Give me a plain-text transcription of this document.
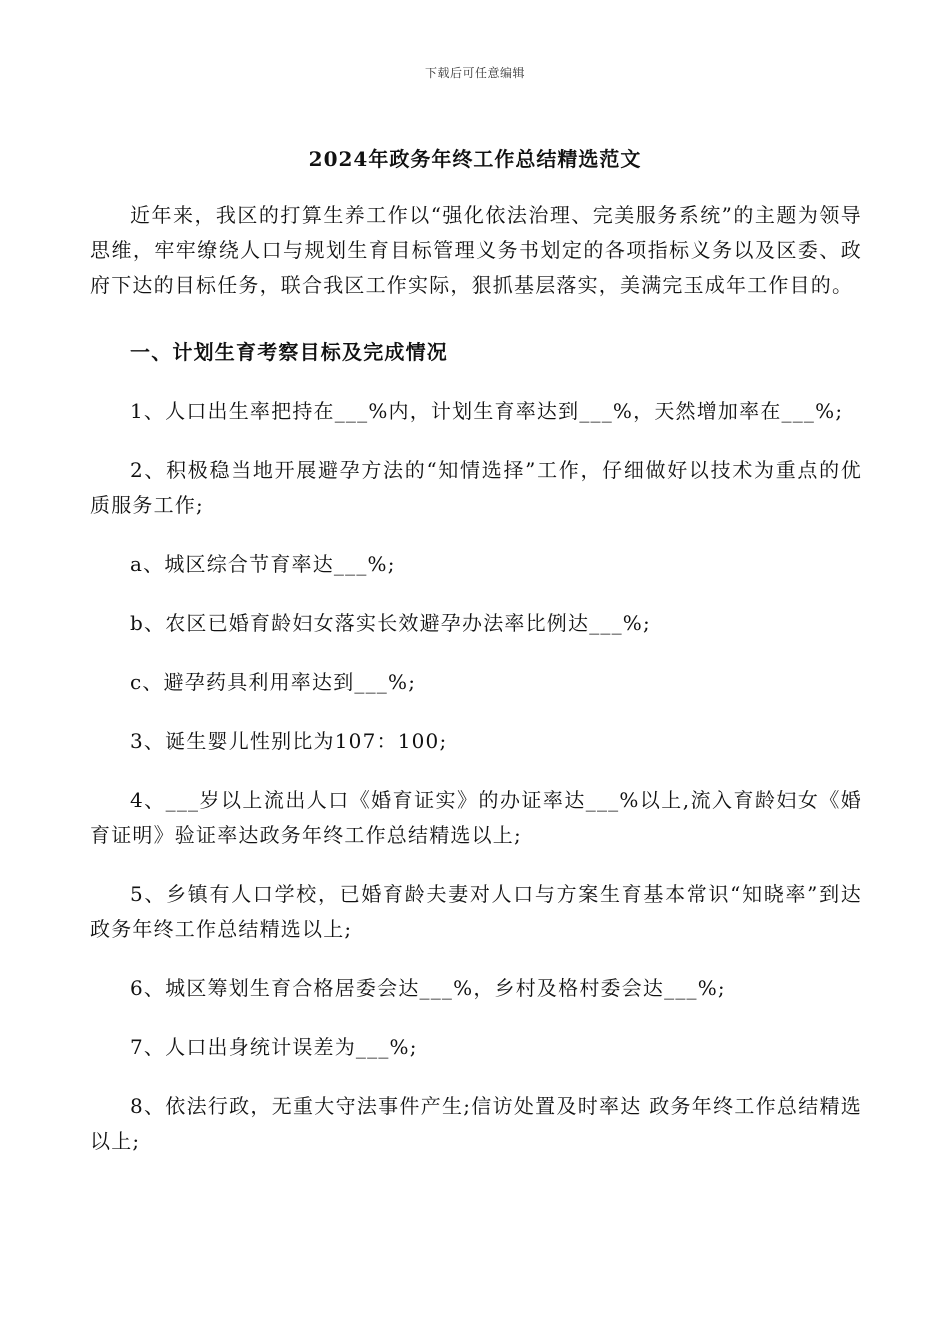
下载后可任意编辑
2024年政务年终工作总结精选范文

近年来，我区的打算生养工作以“强化依法治理、完美服务系统”的主题为领导思维，牢牢缭绕人口与规划生育目标管理义务书划定的各项指标义务以及区委、政府下达的目标任务，联合我区工作实际，狠抓基层落实，美满完玉成年工作目的。

一、计划生育考察目标及完成情况

1、人口出生率把持在___%内，计划生育率达到___%，天然增加率在___%;

2、积极稳当地开展避孕方法的“知情选择”工作，仔细做好以技术为重点的优质服务工作;

a、城区综合节育率达___%;

b、农区已婚育龄妇女落实长效避孕办法率比例达___%;

c、避孕药具利用率达到___%;

3、诞生婴儿性别比为107：100;

4、___岁以上流出人口《婚育证实》的办证率达___%以上,流入育龄妇女《婚育证明》验证率达政务年终工作总结精选以上;

5、乡镇有人口学校，已婚育龄夫妻对人口与方案生育基本常识“知晓率”到达政务年终工作总结精选以上;

6、城区筹划生育合格居委会达___%，乡村及格村委会达___%;

7、人口出身统计误差为___%;

8、依法行政，无重大守法事件产生;信访处置及时率达 政务年终工作总结精选 以上;
